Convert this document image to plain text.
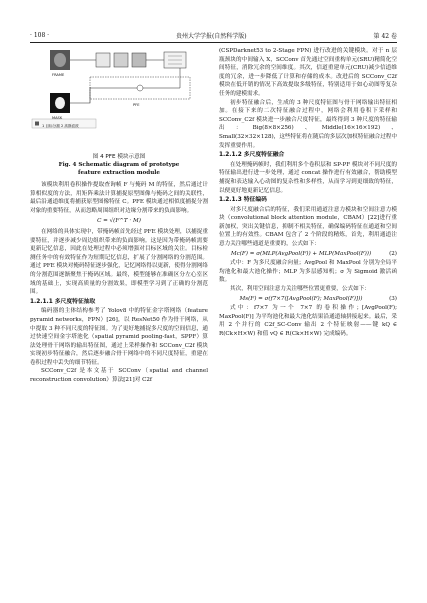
· 108 ·	贵州大学学报(自然科学版)	第 42 卷
FRAME
MASK
PFE
1 目标分割 2 高斯滤波
图 4 PFE 模块示意图
Fig. 4 Schematic diagram of prototype
feature extraction module

该模块利用卷积操作提取查询帧 F 与掩码 M 的特征，然后通过计算相似度的方法，用矩阵乘法计算捕捉原型图像与掩码之间的关联性，最后沿通道维度将捕获原型图像特征 C。PFE 模块通过相似度捕捉分割对象的重要特征，从而忽略周围组织对边缘分割带来的负面影响。

C = √(F^T · M)

在网络的具体实现中，带掩码帧首先经过 PFE 模块处理，以捕捉重要特征，并逐步减少周边组织带来的负面影响。这是因为带掩码帧需要更新记忆信息，因此在处理过程中必须增强对目标区域的关注。目标检测任务中的有效特征作为短期记忆信息，扩展了分割网络的分割范围。通过 PFE 模块对掩码特征逐步强化，记忆网络得以更新，使得分割网络的分割范围逐渐聚焦于掩码区域。最终，模型能够在准确区分左心室区域的基础上，实现高质量的分割效果，即模型学习到了正确的分割范围。

1.2.1.1 多尺度特征抽取

编码器的主体结构参考了 Yolov8 中的特征金字塔网络（feature pyramid networks，FPN）[26]，以 ResNet50 作为骨干网络，从中提取 3 种不同尺度的特征图。为了更好地捕捉多尺度的空间信息，通过快速空间金字塔池化（spatial pyramid pooling-fast，SPPF）算法处理骨干网络的输出特征图，通过上采样操作和 SCConv_C2f 模块实现初步特征融合，然后逐步融合骨干网络中的不同尺度特征，重建在卷积过程中丢失的细节特征。

SCConv_C2f 是本文基于 SCConv（spatial and channel reconstruction convolution）算法[21]对 C2f

(CSPDarknet53 to 2-Stage FPN) 进行改进的关键模块。对于 n 层瓶颈块的中间输入 X，SCConv 首先通过空间重构单元(SRU)精简化空间特征，消除冗余的空间维度。其次，信道重建单元(CRU)减少信道维度的冗余，进一步降低了计算和存储的成本。改进后的 SCConv_C2f 模块在低开销的情况下高效提取多级特征，特别适用于如心动图等复杂任务的建模需求。

初步特征融合后，生成的 3 种尺度特征图与骨干网络输出特征相加。在接下来的二次特征融合过程中，网络会利用卷积下采样和 SCConv_C2f 模块进一步融合尺度特征，最终得到 3 种尺度的特征输出：Big(8×8×256)、Middle(16×16×192)、Small(32×32×128)，这些特征将在随后的多层次加权特征融合过程中发挥重要作用。

1.2.1.2 多尺度特征融合

在处理掩码帧时，我们利用多个卷积层和 SP-PF 模块对不同尺度的特征输出进行进一步处理，通过 concat 操作进行有效融合，帮助模型捕捉和表达输入心动图的复杂性和多样性，从而学习到更细致的特征，以便更好地更新记忆信息。

1.2.1.3 特征编码

对多尺度融合后的特征，我们采用通道注意力模块和空间注意力模块（convolutional block attention module，CBAM）[22]进行重新加权，突出关键信息，抑制不相关特征，确保编码特征在通道和空间位置上的有效性。CBAM 包含了 2 个阶段的精炼，首先，利用通道注意力关注哪些通道是重要的，公式如下：

Mc(F) = σ(MLP(AvgPool(F)) + MLP(MaxPool(F)))	(2)

式中：F 为多尺度融合向量；AvgPool 和 MaxPool 分别为全局平均池化和最大池化操作；MLP 为多层感知机；σ 为 Sigmoid 激活函数。

其次，利用空间注意力关注哪些位置更重要，公式如下：

Ms(F) = σ(f7×7([AvgPool(F); MaxPool(F)]))	(3)

式中：f7×7 为一个 7×7 的卷积操作；[AvgPool(F); MaxPool(F)] 为平均池化和最大池化结果沿通道轴拼接起来。最后，采用 2 个并行的 C2f_SC-Conv 输出 2 个特征映射——键 kQ ∈ R(Ck×H×W) 和值 vQ ∈ R(Ck×H×W) 完成编码。
